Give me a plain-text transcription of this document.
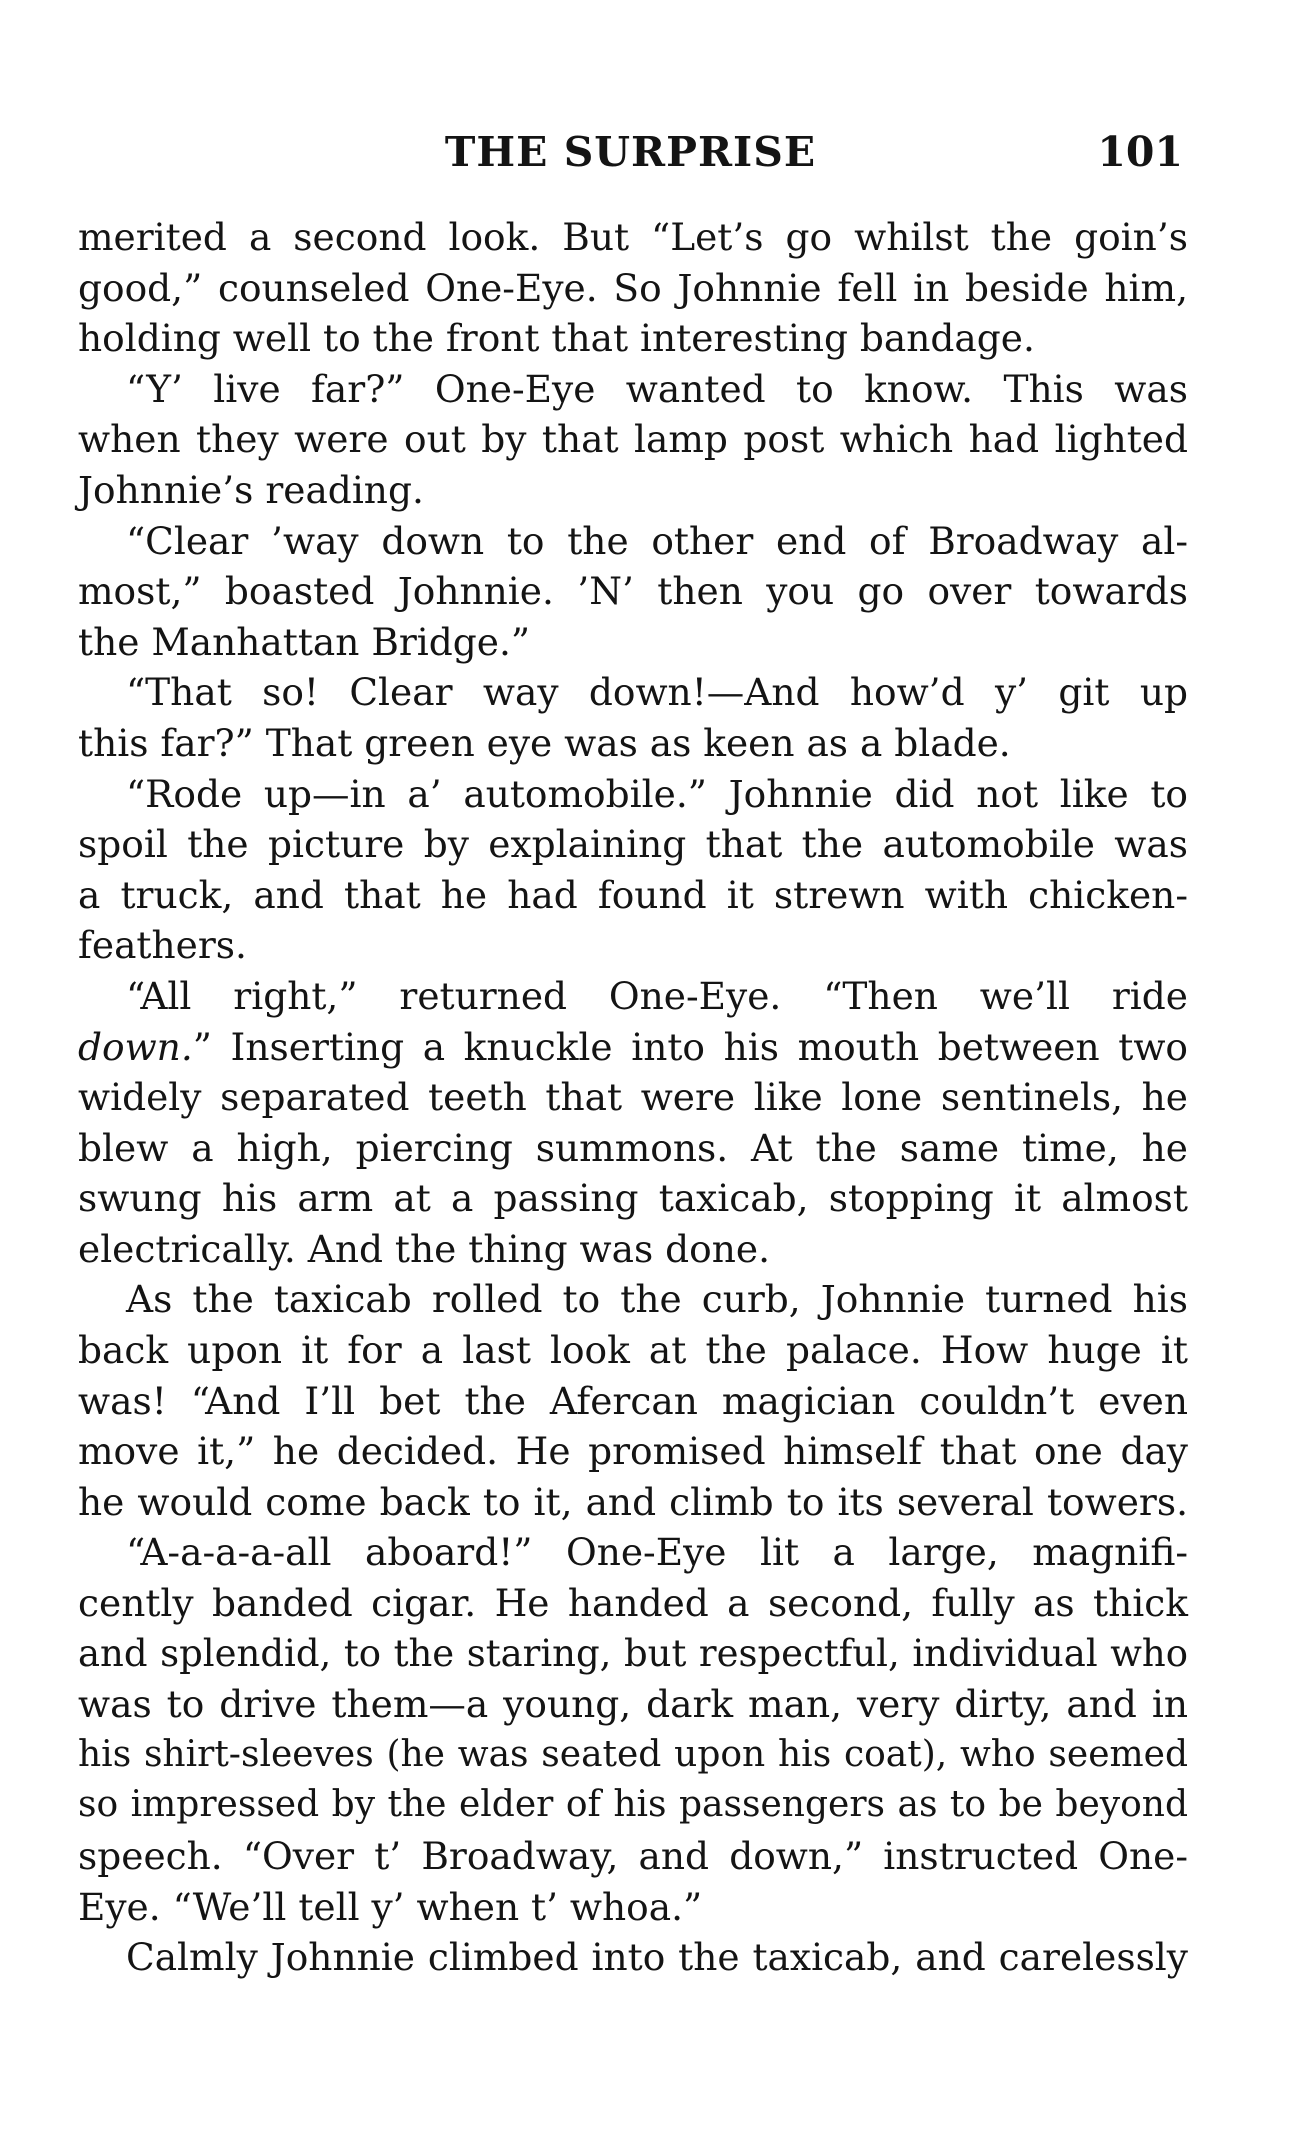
THE SURPRISE	101
merited a second look. But “Let’s go whilst the goin’s
good,” counseled One-Eye. So Johnnie fell in beside him,
holding well to the front that interesting bandage.
“Y’ live far?” One-Eye wanted to know. This was
when they were out by that lamp post which had lighted
Johnnie’s reading.
“Clear ’way down to the other end of Broadway al-
most,” boasted Johnnie. ’N’ then you go over towards
the Manhattan Bridge.”
“That so! Clear way down!—And how’d y’ git up
this far?” That green eye was as keen as a blade.
“Rode up—in a’ automobile.” Johnnie did not like to
spoil the picture by explaining that the automobile was
a truck, and that he had found it strewn with chicken-
feathers.
“All right,” returned One-Eye. “Then we’ll ride
down.” Inserting a knuckle into his mouth between two
widely separated teeth that were like lone sentinels, he
blew a high, piercing summons. At the same time, he
swung his arm at a passing taxicab, stopping it almost
electrically. And the thing was done.
As the taxicab rolled to the curb, Johnnie turned his
back upon it for a last look at the palace. How huge it
was! “And I’ll bet the Afercan magician couldn’t even
move it,” he decided. He promised himself that one day
he would come back to it, and climb to its several towers.
“A-a-a-a-all aboard!” One-Eye lit a large, magnifi-
cently banded cigar. He handed a second, fully as thick
and splendid, to the staring, but respectful, individual who
was to drive them—a young, dark man, very dirty, and in
his shirt-sleeves (he was seated upon his coat), who seemed
so impressed by the elder of his passengers as to be beyond
speech. “Over t’ Broadway, and down,” instructed One-
Eye. “We’ll tell y’ when t’ whoa.”
Calmly Johnnie climbed into the taxicab, and carelessly
